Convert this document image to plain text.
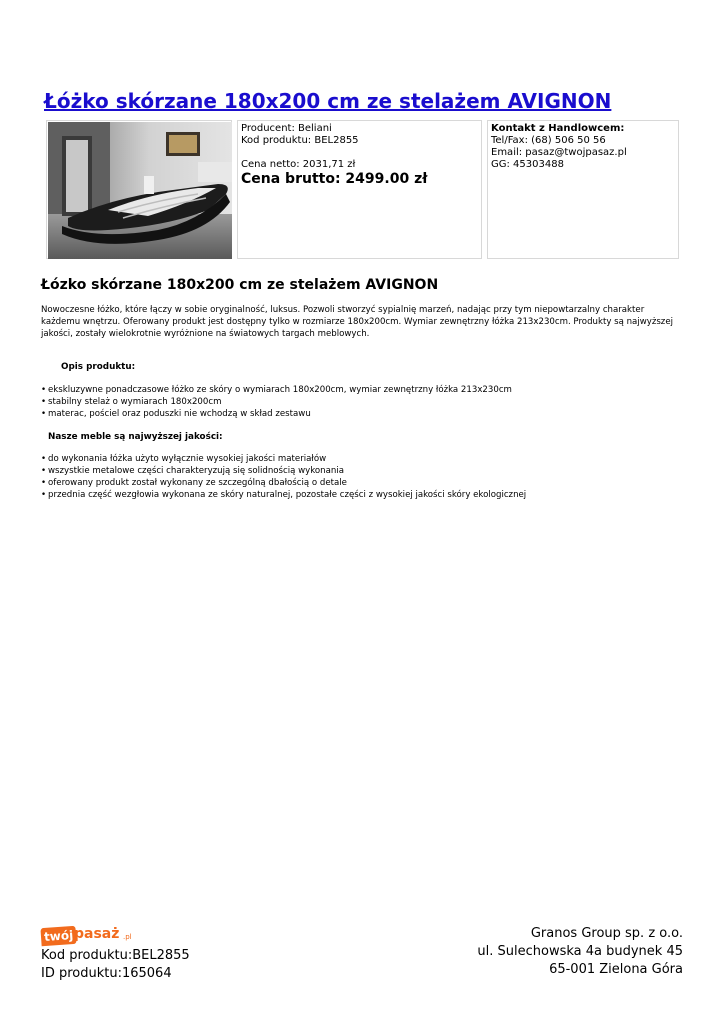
Łóżko skórzane 180x200 cm ze stelażem AVIGNON
Producent: Beliani
Kod produktu: BEL2855
Cena netto: 2031,71 zł
Cena brutto: 2499.00 zł
Kontakt z Handlowcem:
Tel/Fax: (68) 506 50 56
Email: pasaz@twojpasaz.pl
GG: 45303488
Łózko skórzane 180x200 cm ze stelażem AVIGNON

Nowoczesne łóżko, które łączy w sobie oryginalność, luksus. Pozwoli stworzyć sypialnię marzeń, nadając przy tym niepowtarzalny charakter każdemu wnętrzu. Oferowany produkt jest dostępny tylko w rozmiarze 180x200cm. Wymiar zewnętrzny łóżka 213x230cm. Produkty są najwyższej jakości, zostały wielokrotnie wyróżnione na światowych targach meblowych.

Opis produktu:
• ekskluzywne ponadczasowe łóżko ze skóry o wymiarach 180x200cm, wymiar zewnętrzny łóżka 213x230cm
• stabilny stelaż o wymiarach 180x200cm
• materac, pościel oraz poduszki nie wchodzą w skład zestawu
Nasze meble są najwyższej jakości:
• do wykonania łóżka użyto wyłącznie wysokiej jakości materiałów
• wszystkie metalowe części charakteryzują się solidnością wykonania
• oferowany produkt został wykonany ze szczególną dbałością o detale
• przednia część wezgłowia wykonana ze skóry naturalnej, pozostałe części z wysokiej jakości skóry ekologicznej
twój pasaż .pl
Kod produktu:BEL2855
ID produktu:165064
Granos Group sp. z o.o.
ul. Sulechowska 4a budynek 45
65-001 Zielona Góra
